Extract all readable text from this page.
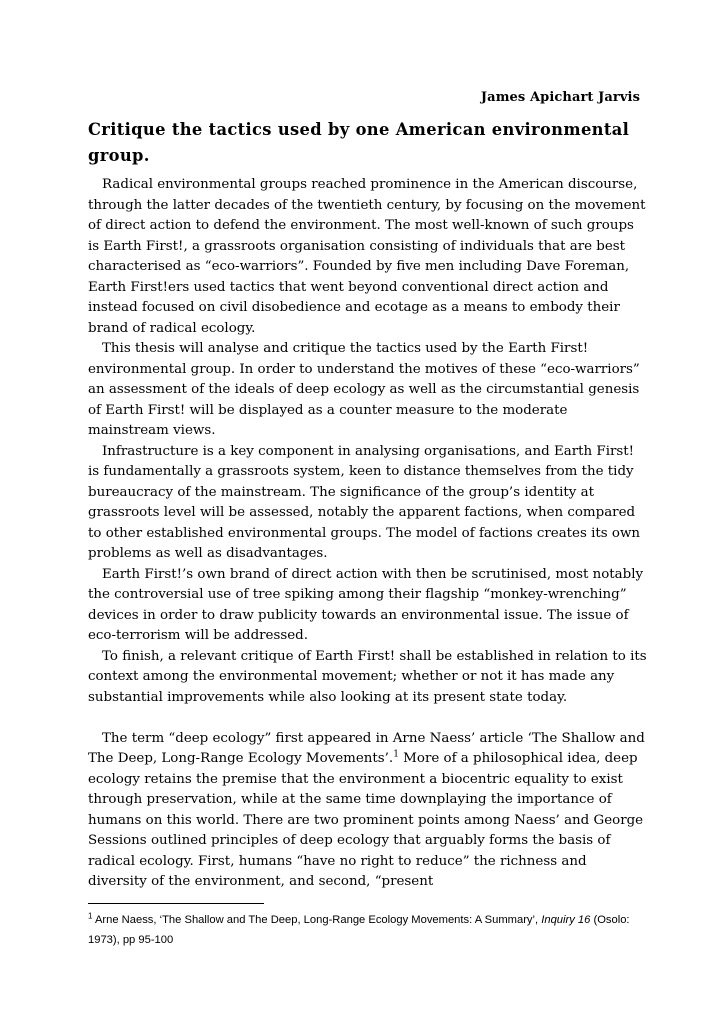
James Apichart Jarvis
Critique the tactics used by one American environmental group.

Radical environmental groups reached prominence in the American discourse, through the latter decades of the twentieth century, by focusing on the movement of direct action to defend the environment. The most well-known of such groups is Earth First!, a grassroots organisation consisting of individuals that are best characterised as “eco-warriors”. Founded by five men including Dave Foreman, Earth First!ers used tactics that went beyond conventional direct action and instead focused on civil disobedience and ecotage as a means to embody their brand of radical ecology.

This thesis will analyse and critique the tactics used by the Earth First! environmental group. In order to understand the motives of these “eco-warriors” an assessment of the ideals of deep ecology as well as the circumstantial genesis of Earth First! will be displayed as a counter measure to the moderate mainstream views.

Infrastructure is a key component in analysing organisations, and Earth First! is fundamentally a grassroots system, keen to distance themselves from the tidy bureaucracy of the mainstream. The significance of the group’s identity at grassroots level will be assessed, notably the apparent factions, when compared to other established environmental groups. The model of factions creates its own problems as well as disadvantages.

Earth First!’s own brand of direct action with then be scrutinised, most notably the controversial use of tree spiking among their flagship “monkey-wrenching” devices in order to draw publicity towards an environmental issue. The issue of eco-terrorism will be addressed.

To finish, a relevant critique of Earth First! shall be established in relation to its context among the environmental movement; whether or not it has made any substantial improvements while also looking at its present state today.

The term “deep ecology” first appeared in Arne Naess’ article ‘The Shallow and The Deep, Long-Range Ecology Movements’.$^1$ More of a philosophical idea, deep ecology retains the premise that the environment a biocentric equality to exist through preservation, while at the same time downplaying the importance of humans on this world. There are two prominent points among Naess’ and George Sessions outlined principles of deep ecology that arguably forms the basis of radical ecology. First, humans “have no right to reduce” the richness and diversity of the environment, and second, “present

$^1$ Arne Naess, ‘The Shallow and The Deep, Long-Range Ecology Movements: A Summary’, Inquiry 16 (Osolo: 1973), pp 95-100
